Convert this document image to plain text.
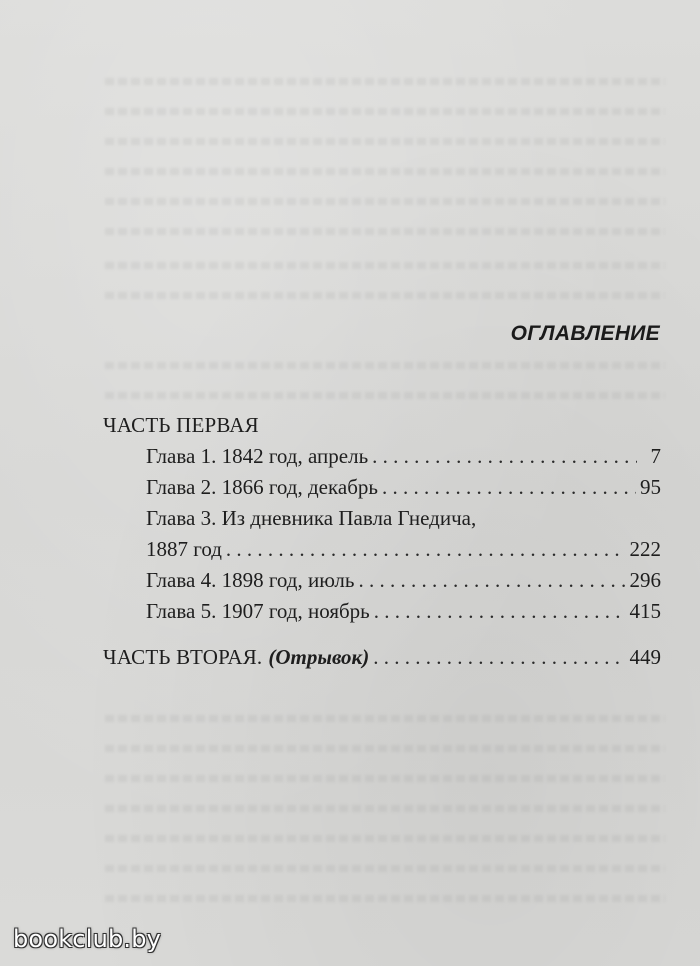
ОГЛАВЛЕНИЕ
ЧАСТЬ ПЕРВАЯ
Глава 1. 1842 год, апрель . . .	7
Глава 2. 1866 год, декабрь . . .	95
Глава 3. Из дневника Павла Гнедича,
1887 год . . .	222
Глава 4. 1898 год, июль . . .	296
Глава 5. 1907 год, ноябрь . . .	415
ЧАСТЬ ВТОРАЯ. (Отрывок) . . .	449
bookclub.by
